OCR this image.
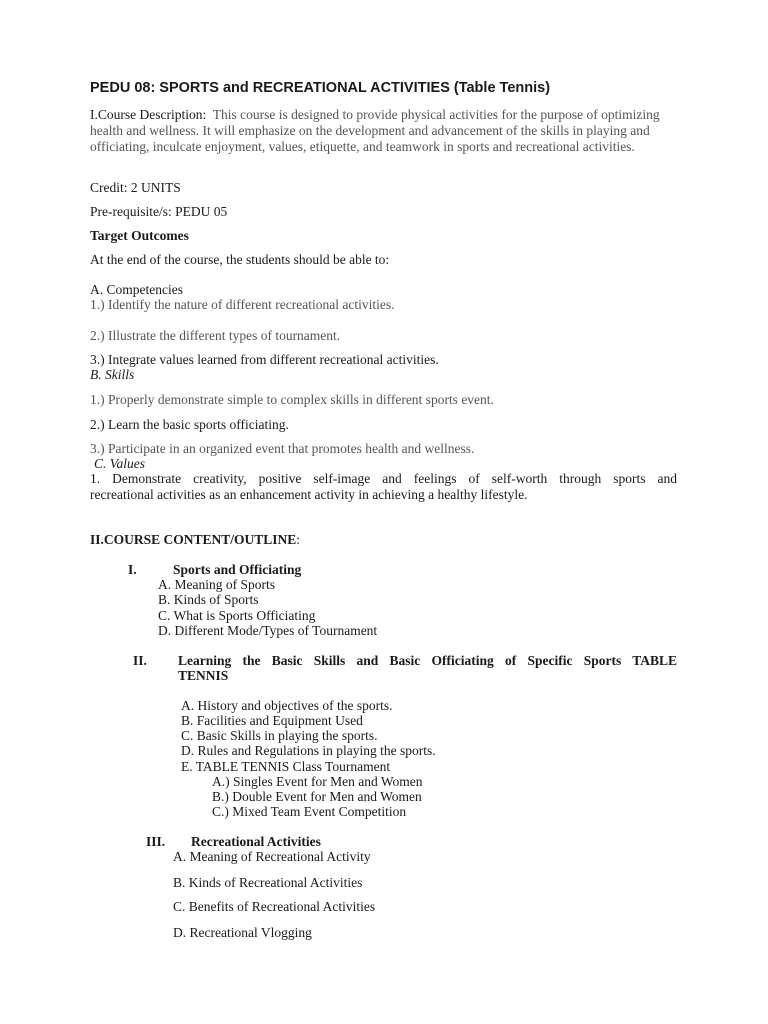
PEDU 08: SPORTS and RECREATIONAL ACTIVITIES (Table Tennis)
I.Course Description: This course is designed to provide physical activities for the purpose of optimizing health and wellness. It will emphasize on the development and advancement of the skills in playing and officiating, inculcate enjoyment, values, etiquette, and teamwork in sports and recreational activities.
Credit: 2 UNITS
Pre-requisite/s: PEDU 05
Target Outcomes
At the end of the course, the students should be able to:
A. Competencies
1.) Identify the nature of different recreational activities.
2.) Illustrate the different types of tournament.
3.) Integrate values learned from different recreational activities.
B. Skills
1.) Properly demonstrate simple to complex skills in different sports event.
2.) Learn the basic sports officiating.
3.) Participate in an organized event that promotes health and wellness.
C. Values
1. Demonstrate creativity, positive self-image and feelings of self-worth through sports and
recreational activities as an enhancement activity in achieving a healthy lifestyle.
II.COURSE CONTENT/OUTLINE:
I.	Sports and Officiating
A. Meaning of Sports
B. Kinds of Sports
C. What is Sports Officiating
D. Different Mode/Types of Tournament
II. Learning the Basic Skills and Basic Officiating of Specific Sports TABLE
TENNIS
A. History and objectives of the sports.
B. Facilities and Equipment Used
C. Basic Skills in playing the sports.
D. Rules and Regulations in playing the sports.
E. TABLE TENNIS Class Tournament
A.) Singles Event for Men and Women
B.) Double Event for Men and Women
C.) Mixed Team Event Competition
III. Recreational Activities
A. Meaning of Recreational Activity
B. Kinds of Recreational Activities
C. Benefits of Recreational Activities
D. Recreational Vlogging
